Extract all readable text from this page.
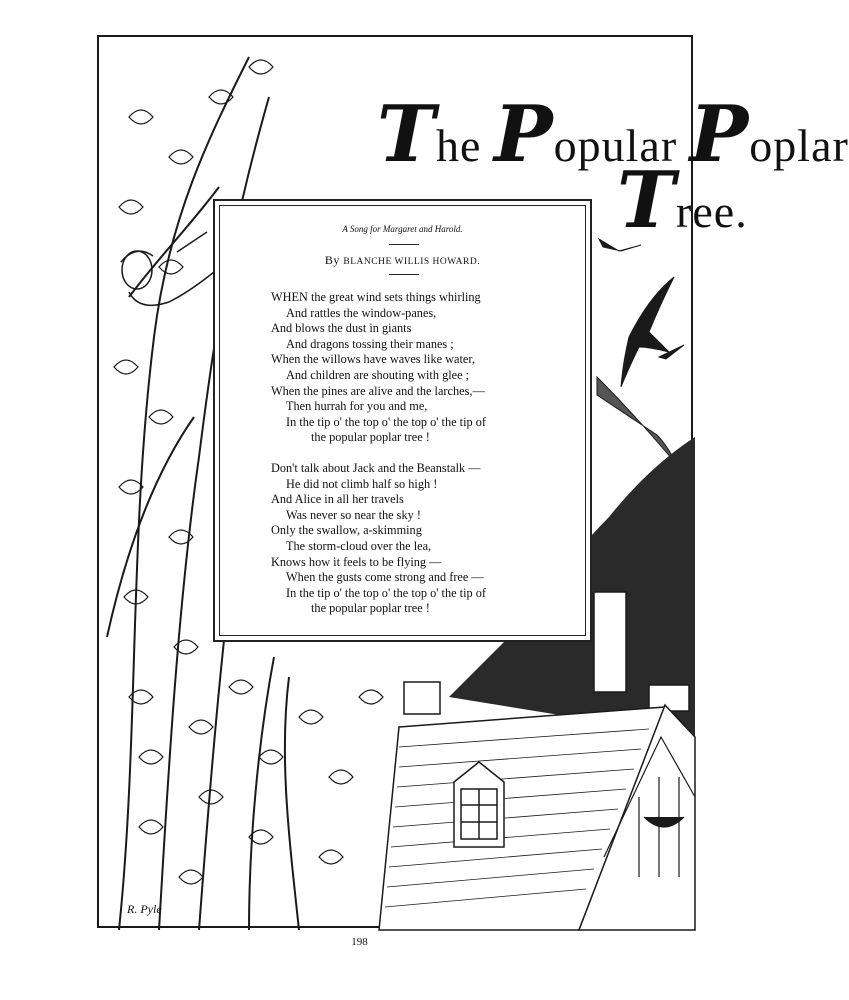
The Popular Poplar
Tree.
A Song for Margaret and Harold.
By BLANCHE WILLIS HOWARD.
WHEN the great wind sets things whirling
And rattles the window-panes,
And blows the dust in giants
And dragons tossing their manes ;
When the willows have waves like water,
And children are shouting with glee ;
When the pines are alive and the larches,—
Then hurrah for you and me,
In the tip o' the top o' the top o' the tip of
the popular poplar tree !
Don't talk about Jack and the Beanstalk —
He did not climb half so high !
And Alice in all her travels
Was never so near the sky !
Only the swallow, a-skimming
The storm-cloud over the lea,
Knows how it feels to be flying —
When the gusts come strong and free —
In the tip o' the top o' the top o' the tip of
the popular poplar tree !
R. Pyle
198
